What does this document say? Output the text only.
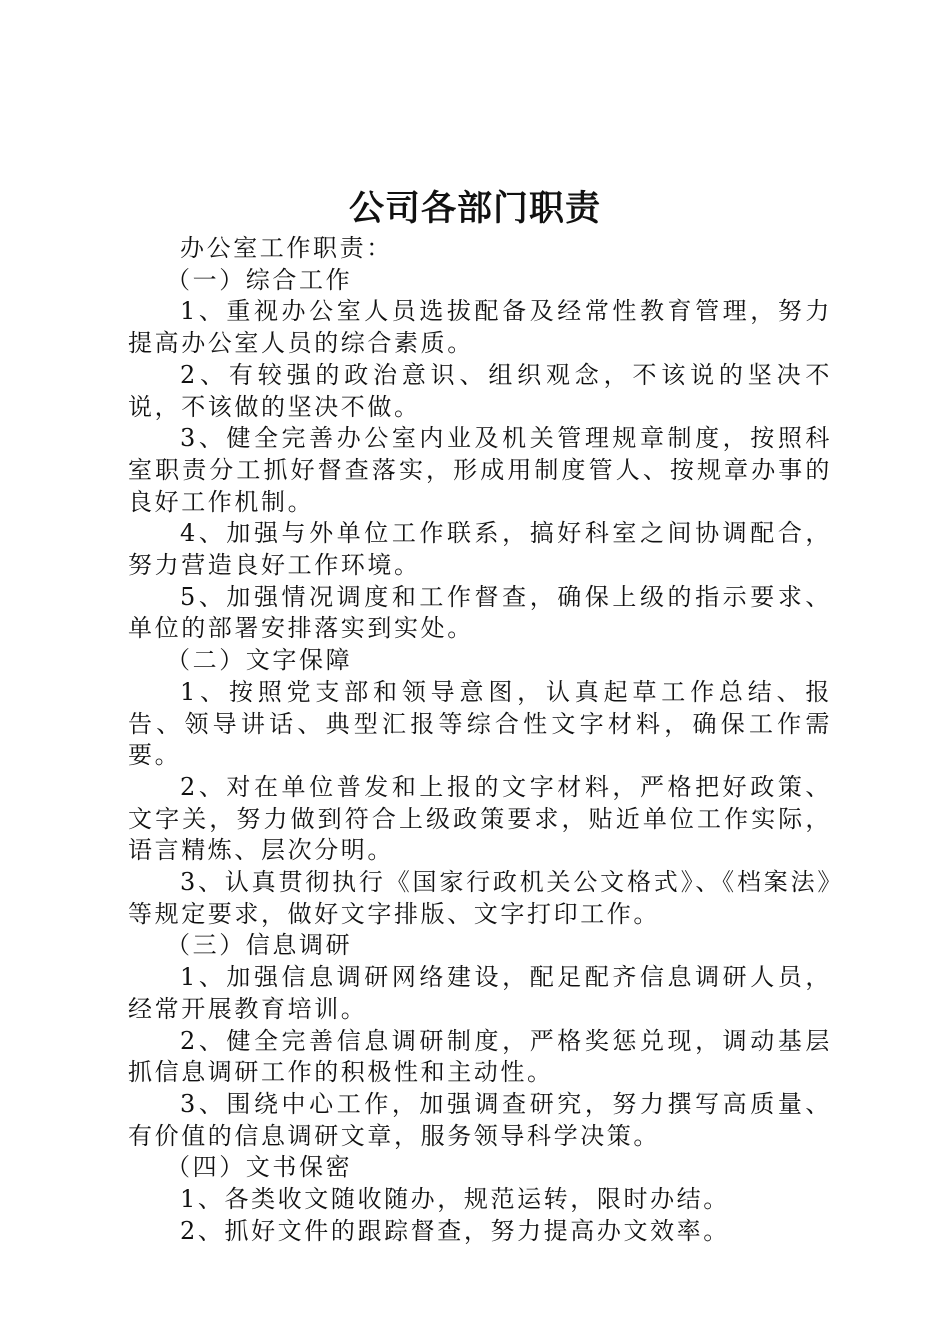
公司各部门职责

办公室工作职责：

（一）综合工作

1、重视办公室人员选拔配备及经常性教育管理，努力提高办公室人员的综合素质。

2、有较强的政治意识、组织观念，不该说的坚决不说，不该做的坚决不做。

3、健全完善办公室内业及机关管理规章制度，按照科室职责分工抓好督查落实，形成用制度管人、按规章办事的良好工作机制。

4、加强与外单位工作联系，搞好科室之间协调配合，努力营造良好工作环境。

5、加强情况调度和工作督查，确保上级的指示要求、单位的部署安排落实到实处。

（二）文字保障

1、按照党支部和领导意图，认真起草工作总结、报告、领导讲话、典型汇报等综合性文字材料，确保工作需要。

2、对在单位普发和上报的文字材料，严格把好政策、文字关，努力做到符合上级政策要求，贴近单位工作实际，语言精炼、层次分明。

3、认真贯彻执行《国家行政机关公文格式》、《档案法》等规定要求，做好文字排版、文字打印工作。

（三）信息调研

1、加强信息调研网络建设，配足配齐信息调研人员，经常开展教育培训。

2、健全完善信息调研制度，严格奖惩兑现，调动基层抓信息调研工作的积极性和主动性。

3、围绕中心工作，加强调查研究，努力撰写高质量、有价值的信息调研文章，服务领导科学决策。

（四）文书保密

1、各类收文随收随办，规范运转，限时办结。

2、抓好文件的跟踪督查，努力提高办文效率。
